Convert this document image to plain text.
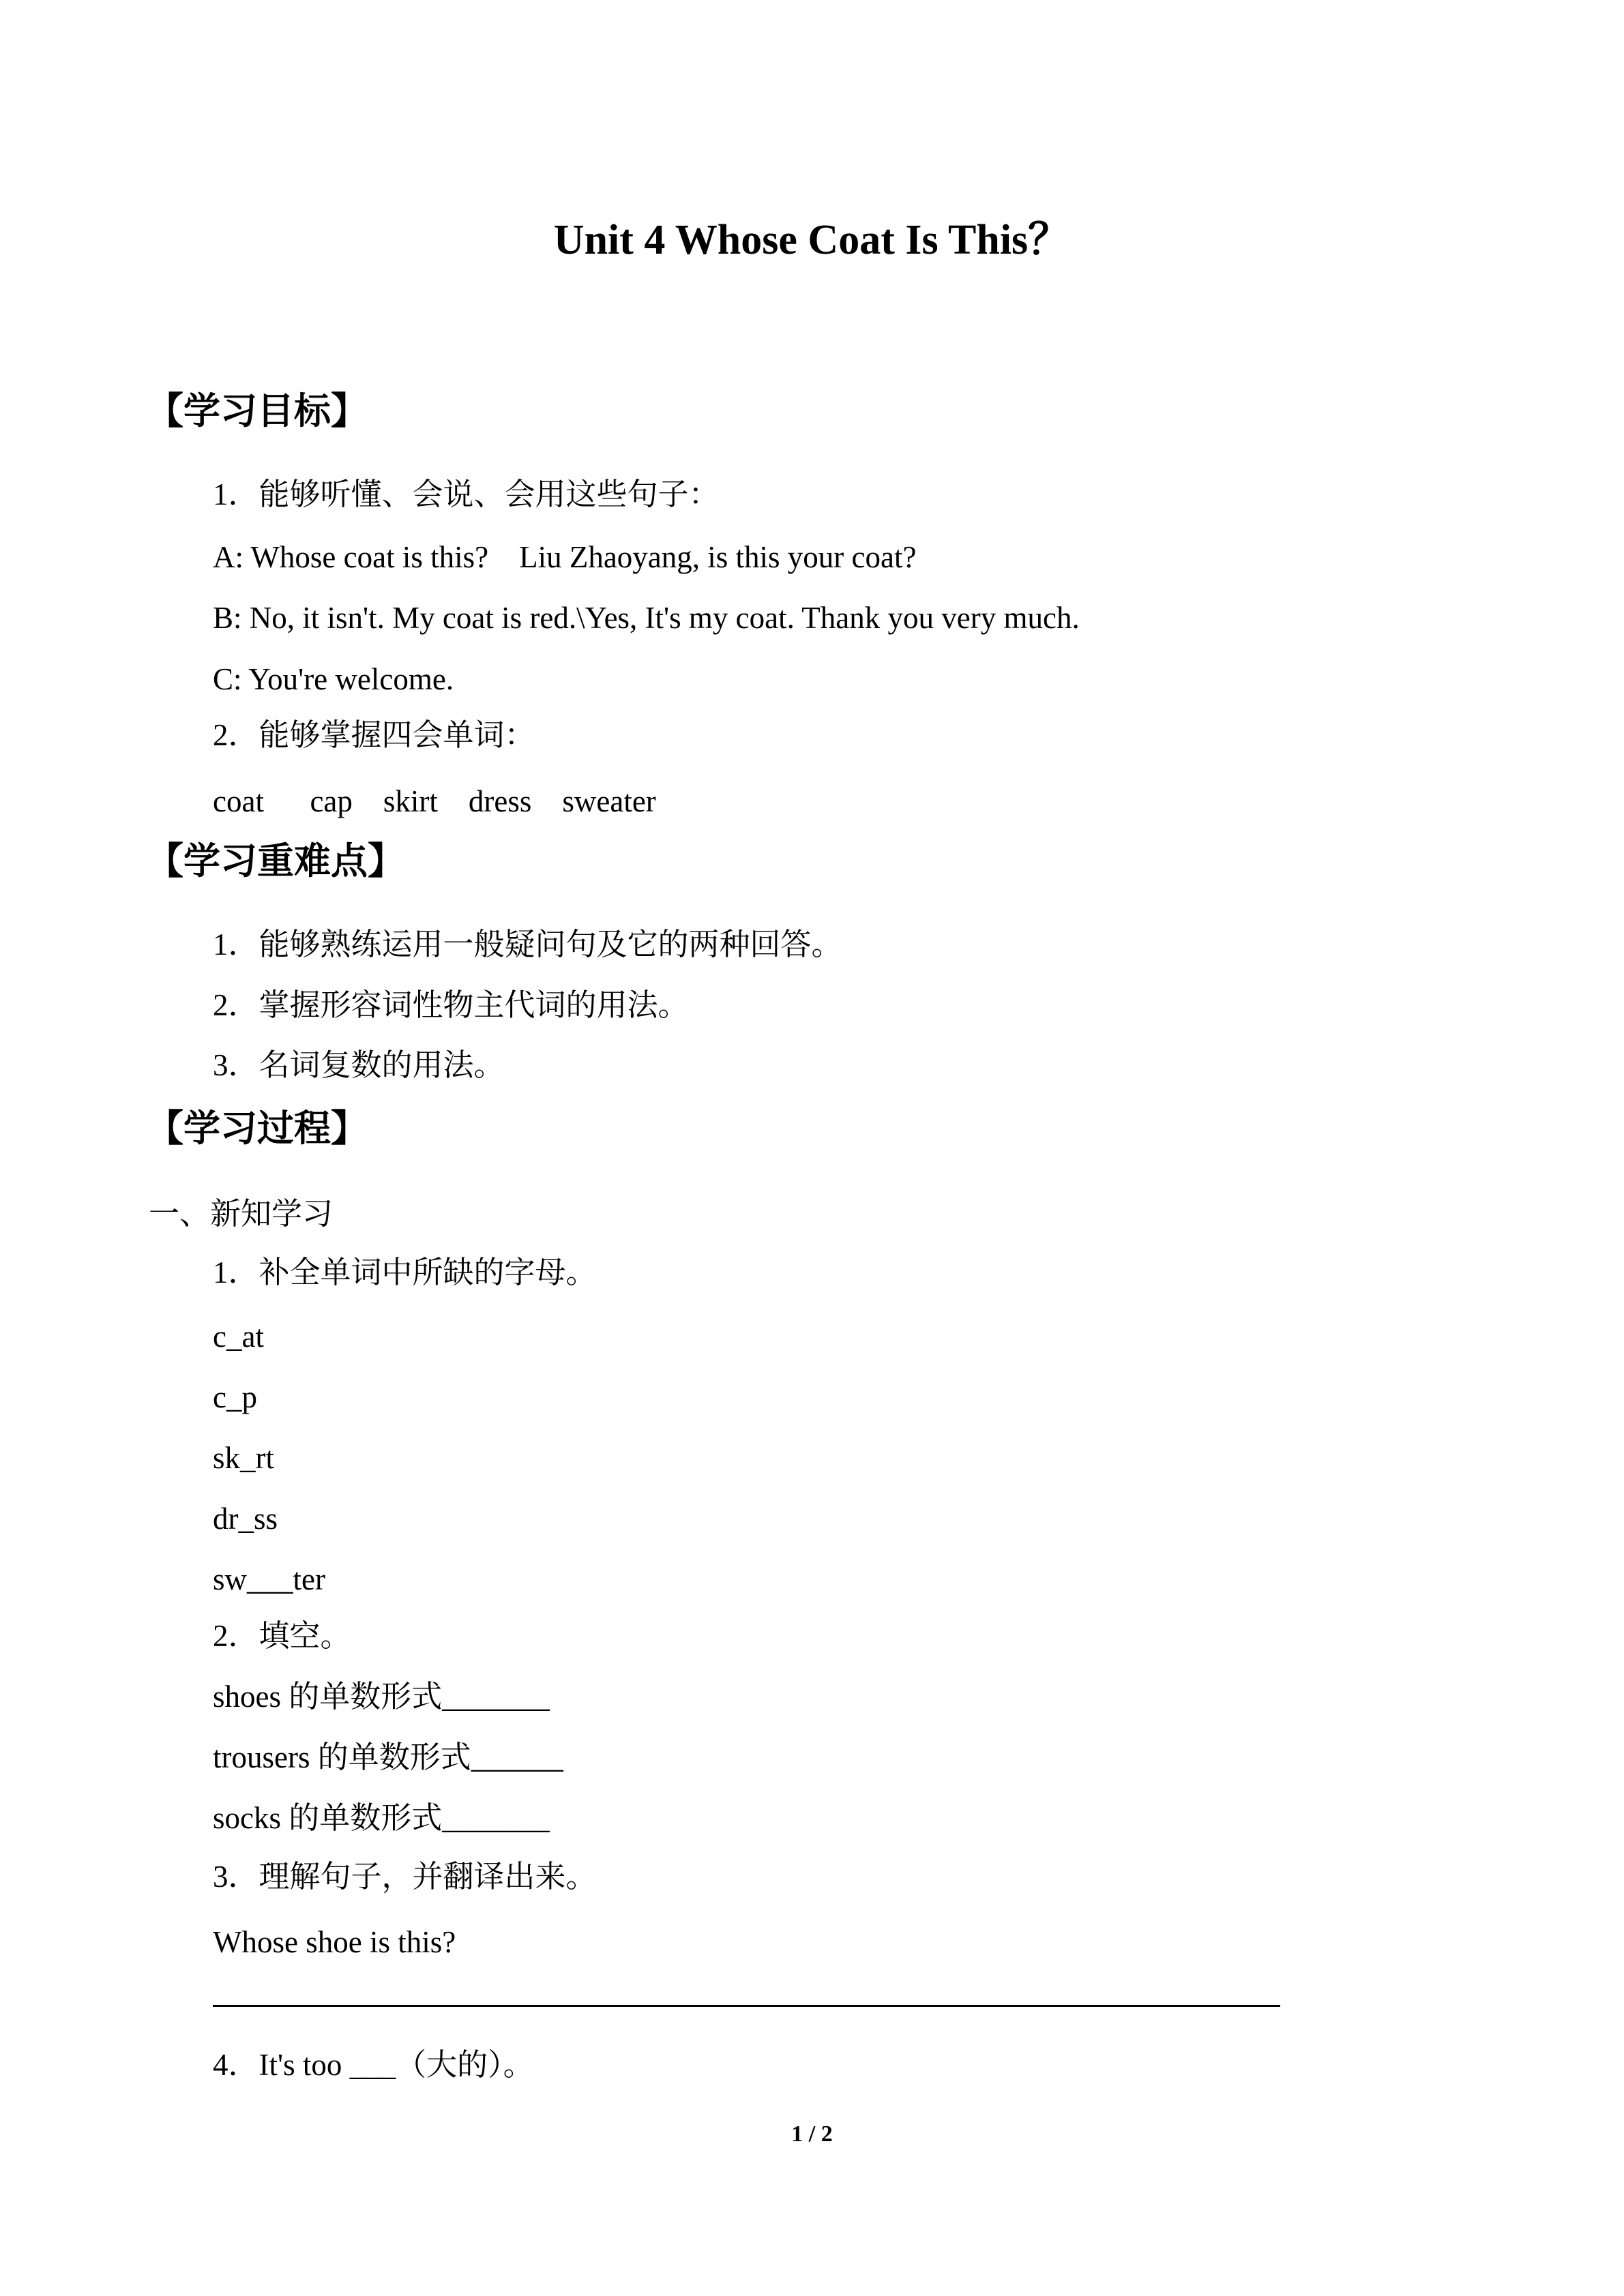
Unit 4 Whose Coat Is This？
【学习目标】
1．能够听懂、会说、会用这些句子：
A: Whose coat is this?    Liu Zhaoyang, is this your coat?
B: No, it isn't. My coat is red.\Yes, It's my coat. Thank you very much.
C: You're welcome.
2．能够掌握四会单词：
coat      cap    skirt    dress    sweater
【学习重难点】
1．能够熟练运用一般疑问句及它的两种回答。
2．掌握形容词性物主代词的用法。
3．名词复数的用法。
【学习过程】
一、新知学习
1．补全单词中所缺的字母。
c_at
c_p
sk_rt
dr_ss
sw___ter
2．填空。
shoes 的单数形式_______
trousers 的单数形式______
socks 的单数形式_______
3．理解句子，并翻译出来。
Whose shoe is this?
4．It's too ___（大的）。
1 / 2
